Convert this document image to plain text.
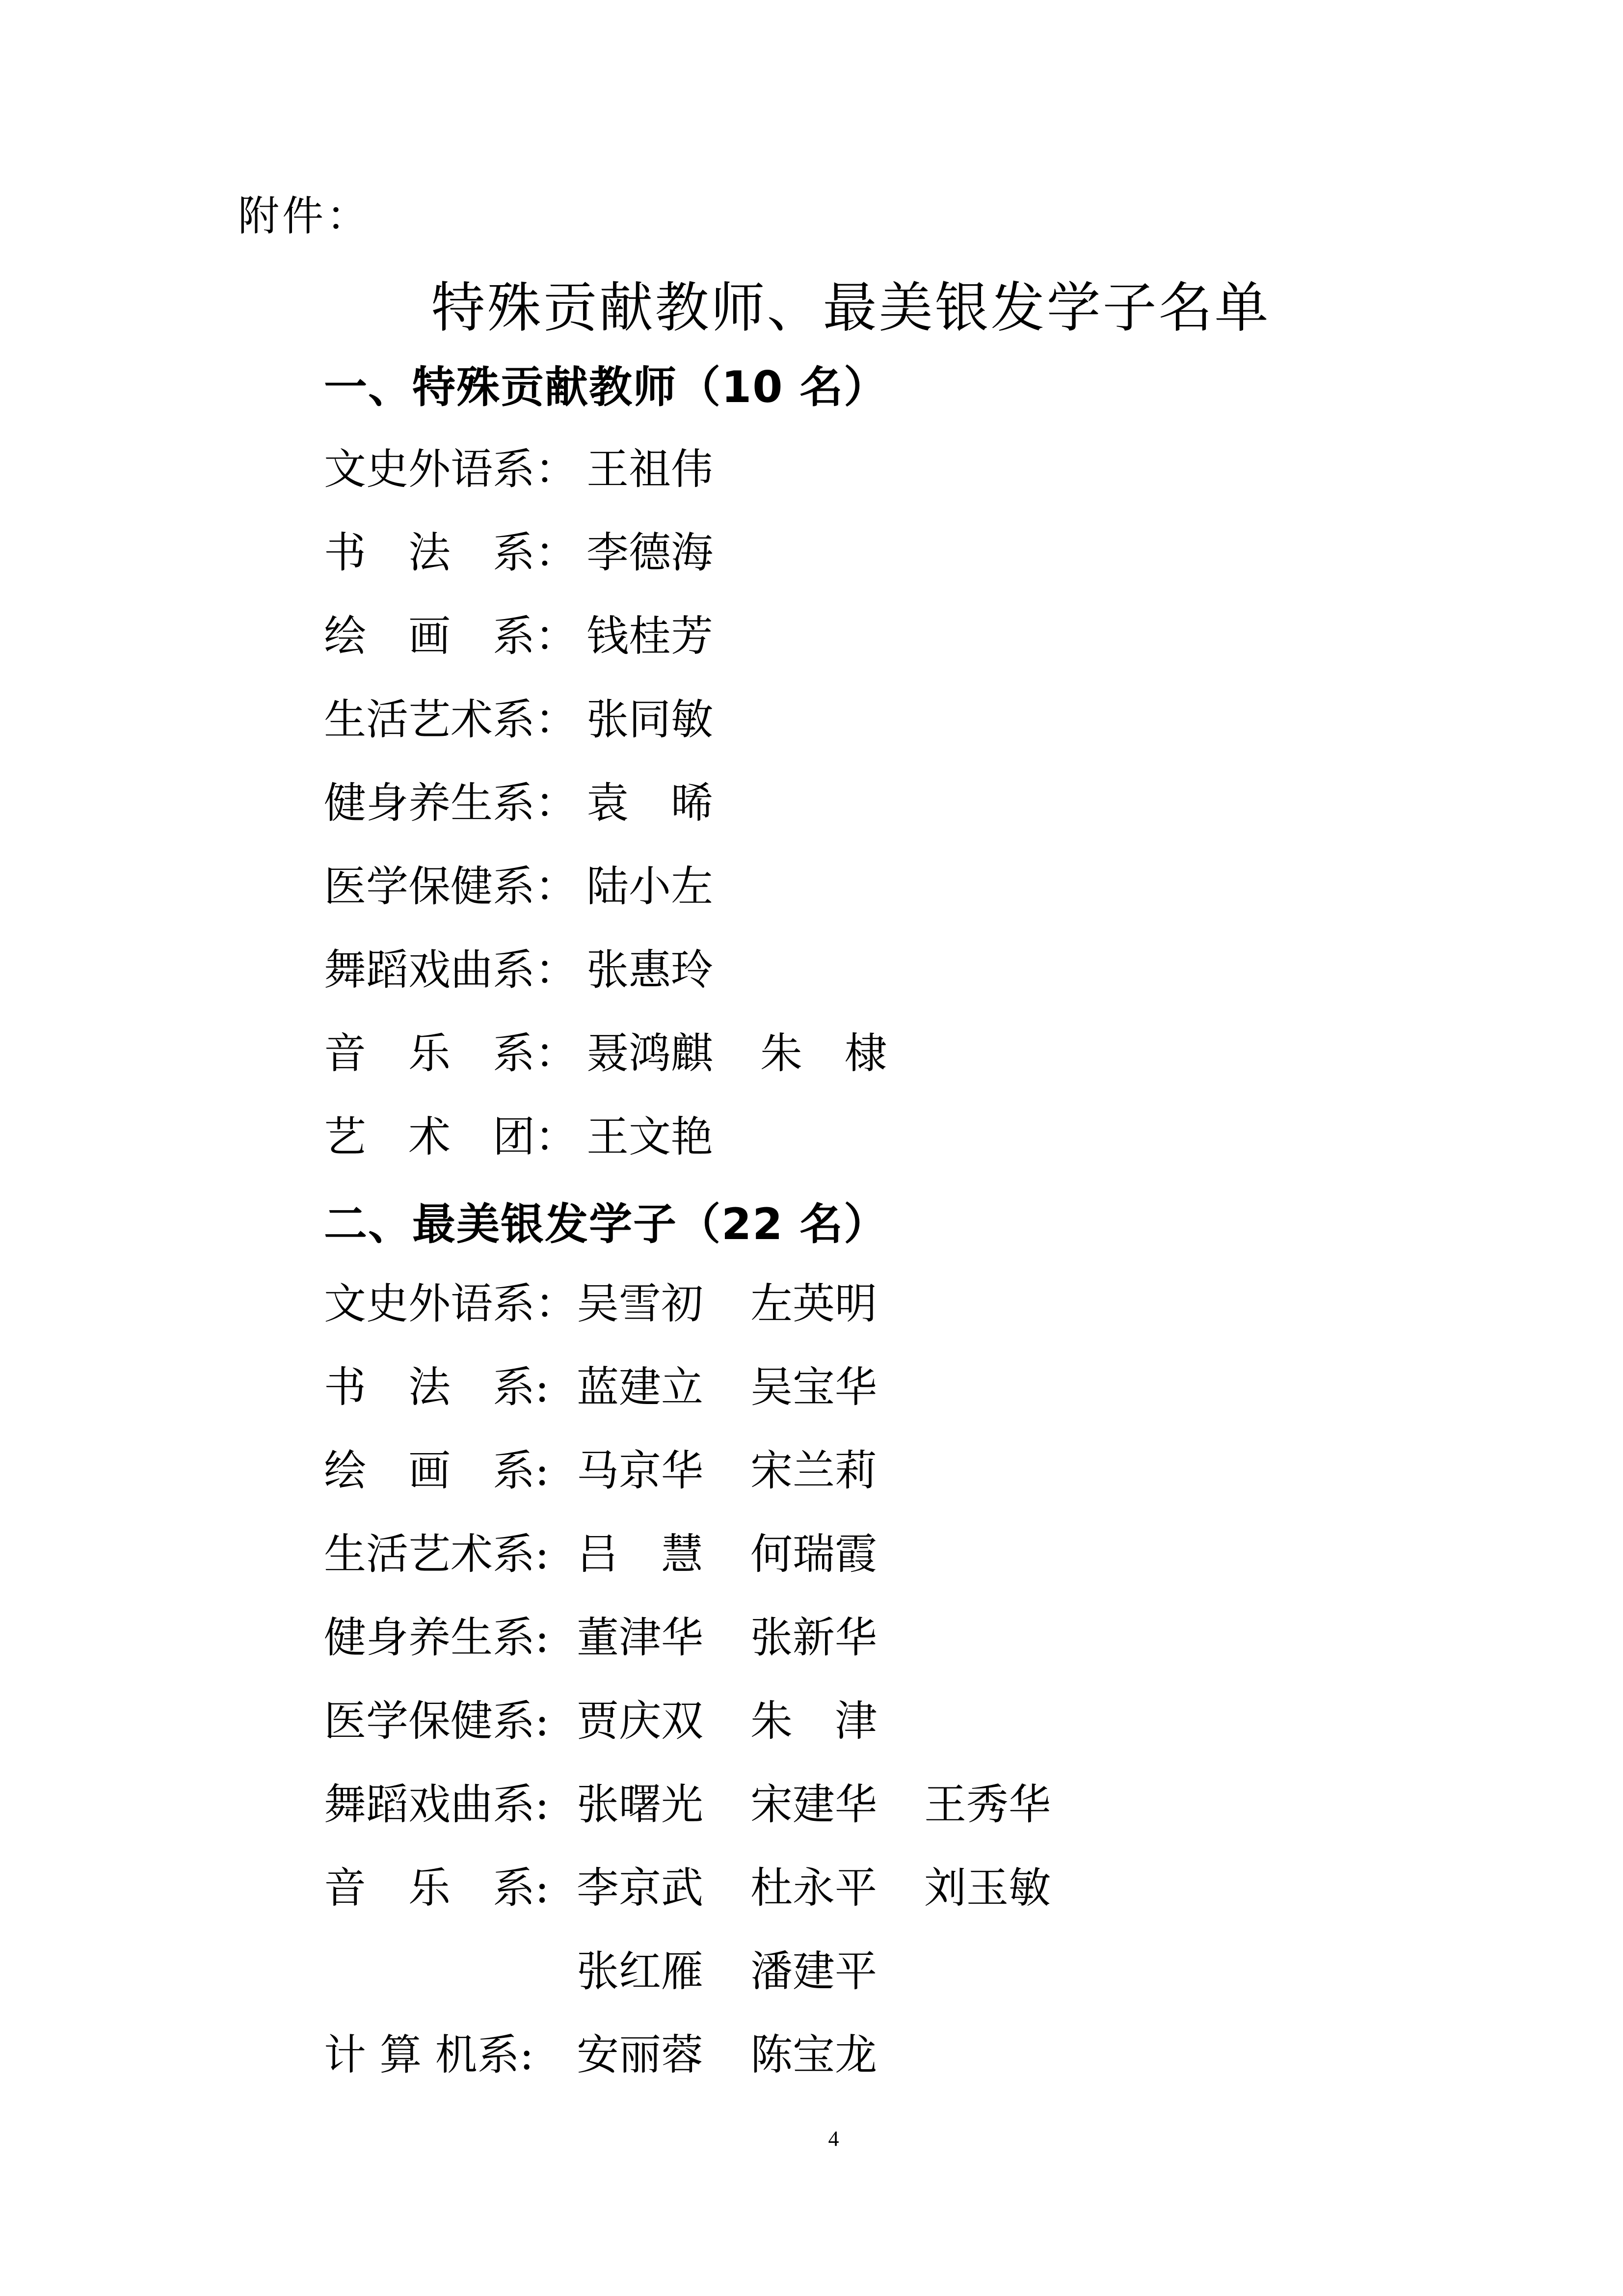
附件：
特殊贡献教师、最美银发学子名单
一、特殊贡献教师（10 名）
文史外语系： 王祖伟
书　法　系： 李德海
绘　画　系： 钱桂芳
生活艺术系： 张同敏
健身养生系： 袁　晞
医学保健系： 陆小左
舞蹈戏曲系： 张惠玲
音　乐　系： 聂鸿麒 朱　棣
艺　术　团： 王文艳
二、最美银发学子（22 名）
文史外语系： 吴雪初 左英明
书　法　系: 蓝建立 吴宝华
绘　画　系: 马京华 宋兰莉
生活艺术系: 吕　慧 何瑞霞
健身养生系: 董津华 张新华
医学保健系: 贾庆双 朱　津
舞蹈戏曲系: 张曙光 宋建华 王秀华
音　乐　系: 李京武 杜永平 刘玉敏
张红雁 潘建平
计 算 机系:	安丽蓉 陈宝龙
4
